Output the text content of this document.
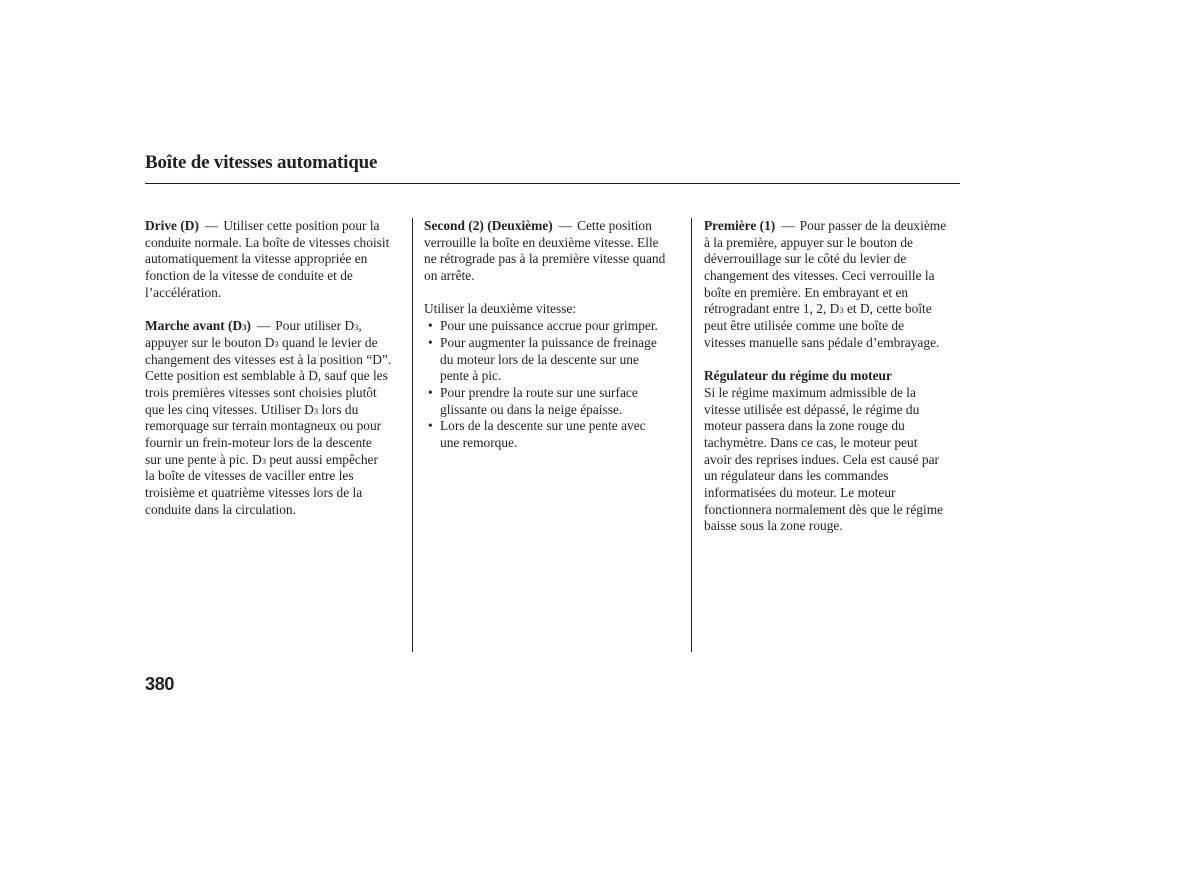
Boîte de vitesses automatique
Drive (D) — Utiliser cette position pour la
conduite normale. La boîte de vitesses choisit
automatiquement la vitesse appropriée en
fonction de la vitesse de conduite et de
l’accélération.
Marche avant (D3) — Pour utiliser D3,
appuyer sur le bouton D3 quand le levier de
changement des vitesses est à la position “D”.
Cette position est semblable à D, sauf que les
trois premières vitesses sont choisies plutôt
que les cinq vitesses. Utiliser D3 lors du
remorquage sur terrain montagneux ou pour
fournir un frein-moteur lors de la descente
sur une pente à pic. D3 peut aussi empêcher
la boîte de vitesses de vaciller entre les
troisième et quatrième vitesses lors de la
conduite dans la circulation.
Second (2) (Deuxième) — Cette position
verrouille la boîte en deuxième vitesse. Elle
ne rétrograde pas à la première vitesse quand
on arrête.
Utiliser la deuxième vitesse:
• Pour une puissance accrue pour grimper.
• Pour augmenter la puissance de freinage
du moteur lors de la descente sur une
pente à pic.
• Pour prendre la route sur une surface
glissante ou dans la neige épaisse.
• Lors de la descente sur une pente avec
une remorque.
Première (1) — Pour passer de la deuxième
à la première, appuyer sur le bouton de
déverrouillage sur le côté du levier de
changement des vitesses. Ceci verrouille la
boîte en première. En embrayant et en
rétrogradant entre 1, 2, D3 et D, cette boîte
peut être utilisée comme une boîte de
vitesses manuelle sans pédale d’embrayage.
Régulateur du régime du moteur
Si le régime maximum admissible de la
vitesse utilisée est dépassé, le régime du
moteur passera dans la zone rouge du
tachymètre. Dans ce cas, le moteur peut
avoir des reprises indues. Cela est causé par
un régulateur dans les commandes
informatisées du moteur. Le moteur
fonctionnera normalement dès que le régime
baisse sous la zone rouge.
380
